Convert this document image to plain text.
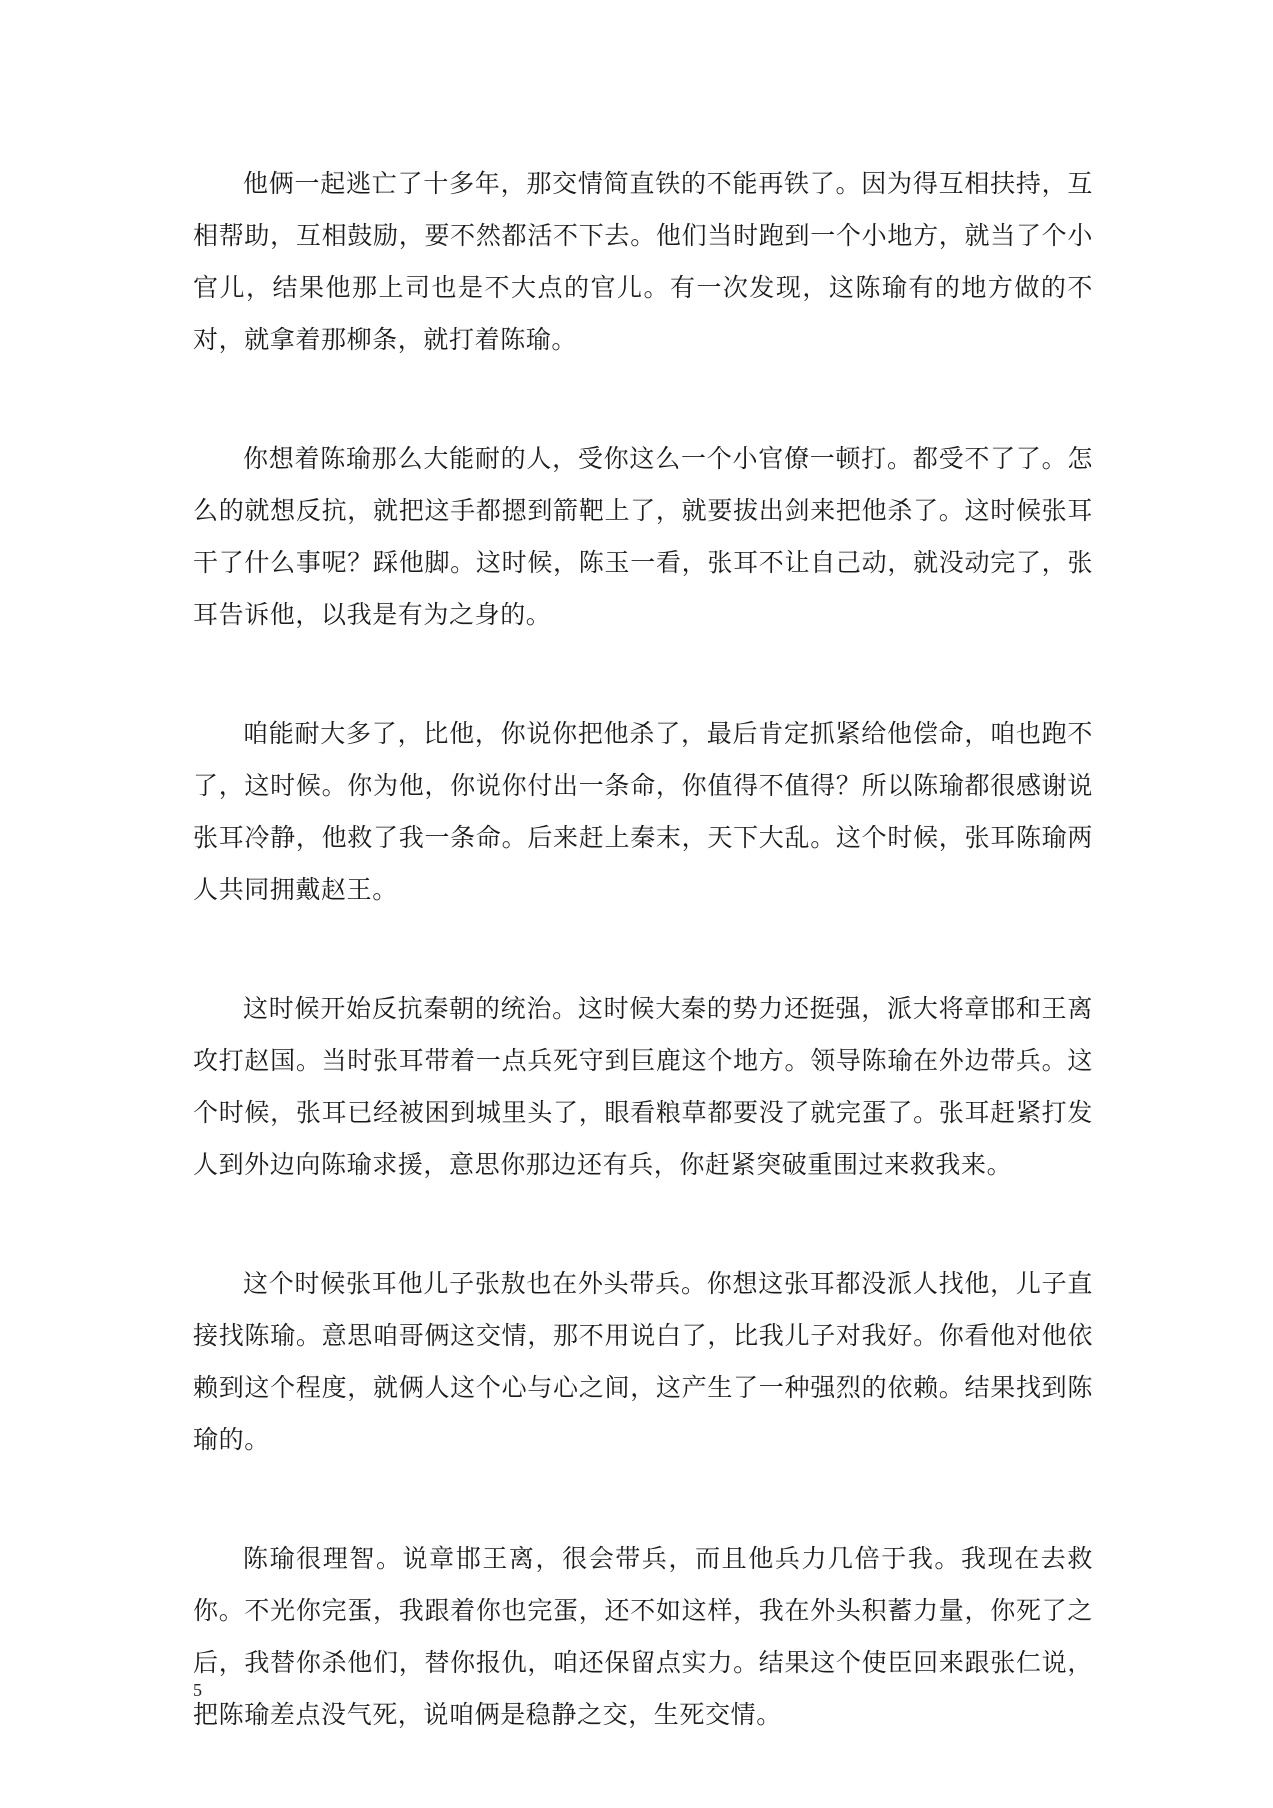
他俩一起逃亡了十多年，那交情简直铁的不能再铁了。因为得互相扶持，互相帮助，互相鼓励，要不然都活不下去。他们当时跑到一个小地方，就当了个小官儿，结果他那上司也是不大点的官儿。有一次发现，这陈瑜有的地方做的不对，就拿着那柳条，就打着陈瑜。

你想着陈瑜那么大能耐的人，受你这么一个小官僚一顿打。都受不了了。怎么的就想反抗，就把这手都摁到箭靶上了，就要拔出剑来把他杀了。这时候张耳干了什么事呢？踩他脚。这时候，陈玉一看，张耳不让自己动，就没动完了，张耳告诉他，以我是有为之身的。

咱能耐大多了，比他，你说你把他杀了，最后肯定抓紧给他偿命，咱也跑不了，这时候。你为他，你说你付出一条命，你值得不值得？所以陈瑜都很感谢说张耳冷静，他救了我一条命。后来赶上秦末，天下大乱。这个时候，张耳陈瑜两人共同拥戴赵王。

这时候开始反抗秦朝的统治。这时候大秦的势力还挺强，派大将章邯和王离攻打赵国。当时张耳带着一点兵死守到巨鹿这个地方。领导陈瑜在外边带兵。这个时候，张耳已经被困到城里头了，眼看粮草都要没了就完蛋了。张耳赶紧打发人到外边向陈瑜求援，意思你那边还有兵，你赶紧突破重围过来救我来。

这个时候张耳他儿子张敖也在外头带兵。你想这张耳都没派人找他，儿子直接找陈瑜。意思咱哥俩这交情，那不用说白了，比我儿子对我好。你看他对他依赖到这个程度，就俩人这个心与心之间，这产生了一种强烈的依赖。结果找到陈瑜的。

陈瑜很理智。说章邯王离，很会带兵，而且他兵力几倍于我。我现在去救你。不光你完蛋，我跟着你也完蛋，还不如这样，我在外头积蓄力量，你死了之后，我替你杀他们，替你报仇，咱还保留点实力。结果这个使臣回来跟张仁说，把陈瑜差点没气死，说咱俩是稳静之交，生死交情。

5
